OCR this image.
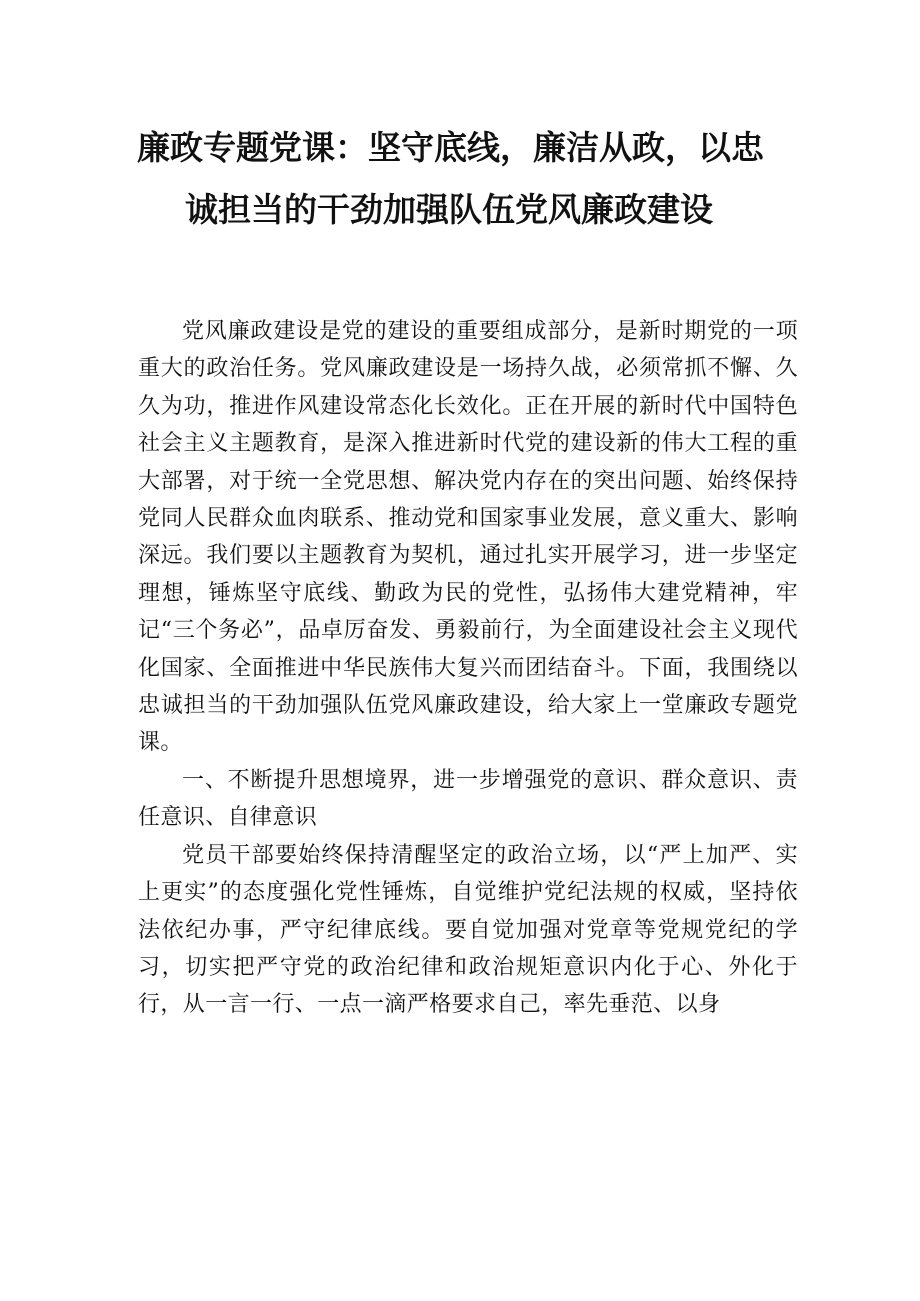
廉政专题党课：坚守底线，廉洁从政，以忠
诚担当的干劲加强队伍党风廉政建设

党风廉政建设是党的建设的重要组成部分，是新时期党的一项重大的政治任务。党风廉政建设是一场持久战，必须常抓不懈、久久为功，推进作风建设常态化长效化。正在开展的新时代中国特色社会主义主题教育，是深入推进新时代党的建设新的伟大工程的重大部署，对于统一全党思想、解决党内存在的突出问题、始终保持党同人民群众血肉联系、推动党和国家事业发展，意义重大、影响深远。我们要以主题教育为契机，通过扎实开展学习，进一步坚定理想，锤炼坚守底线、勤政为民的党性，弘扬伟大建党精神，牢记“三个务必”，品卓厉奋发、勇毅前行，为全面建设社会主义现代化国家、全面推进中华民族伟大复兴而团结奋斗。下面，我围绕以忠诚担当的干劲加强队伍党风廉政建设，给大家上一堂廉政专题党课。

一、不断提升思想境界，进一步增强党的意识、群众意识、责任意识、自律意识

党员干部要始终保持清醒坚定的政治立场，以“严上加严、实上更实”的态度强化党性锤炼，自觉维护党纪法规的权威，坚持依法依纪办事，严守纪律底线。要自觉加强对党章等党规党纪的学习，切实把严守党的政治纪律和政治规矩意识内化于心、外化于行，从一言一行、一点一滴严格要求自己，率先垂范、以身
